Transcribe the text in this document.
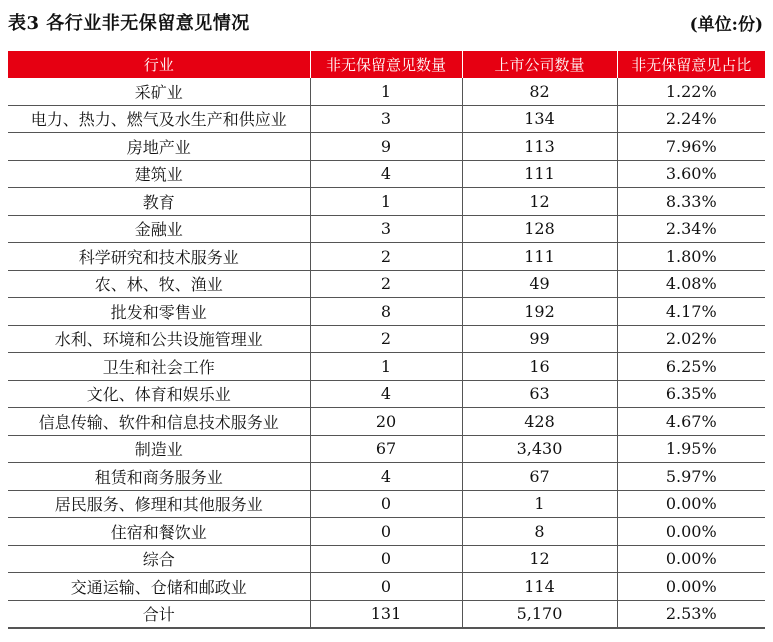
表3 各行业非无保留意见情况	(单位:份)
行业	非无保留意见数量	上市公司数量	非无保留意见占比
采矿业	1	82	1.22%
电力、热力、燃气及水生产和供应业	3	134	2.24%
房地产业	9	113	7.96%
建筑业	4	111	3.60%
教育	1	12	8.33%
金融业	3	128	2.34%
科学研究和技术服务业	2	111	1.80%
农、林、牧、渔业	2	49	4.08%
批发和零售业	8	192	4.17%
水利、环境和公共设施管理业	2	99	2.02%
卫生和社会工作	1	16	6.25%
文化、体育和娱乐业	4	63	6.35%
信息传输、软件和信息技术服务业	20	428	4.67%
制造业	67	3,430	1.95%
租赁和商务服务业	4	67	5.97%
居民服务、修理和其他服务业	0	1	0.00%
住宿和餐饮业	0	8	0.00%
综合	0	12	0.00%
交通运输、仓储和邮政业	0	114	0.00%
合计	131	5,170	2.53%
